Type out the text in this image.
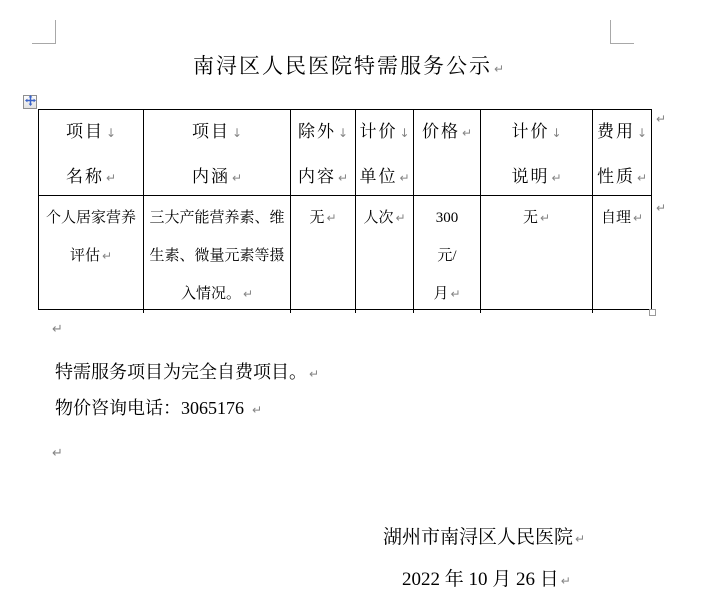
南浔区人民医院特需服务公示 ↵
项目 ↓
名称 ↵
项目 ↓
内涵 ↵
除外 ↓
内容 ↵
计价 ↓
单位 ↵
价格 ↵ 计价 ↓
说明 ↵
费用 ↓
性质 ↵
个人居家营养
评估 ↵
三大产能营养素、维
生素、微量元素等摄
入情况。 ↵
无 ↵ 人次 ↵ 300
元/
月 ↵
无 ↵	自理 ↵
↵
↵
↵
↵
特需服务项目为完全自费项目。 ↵
物价咨询电话：3065176 ↵
湖州市南浔区人民医院 ↵
2022 年 10 月 26 日 ↵
